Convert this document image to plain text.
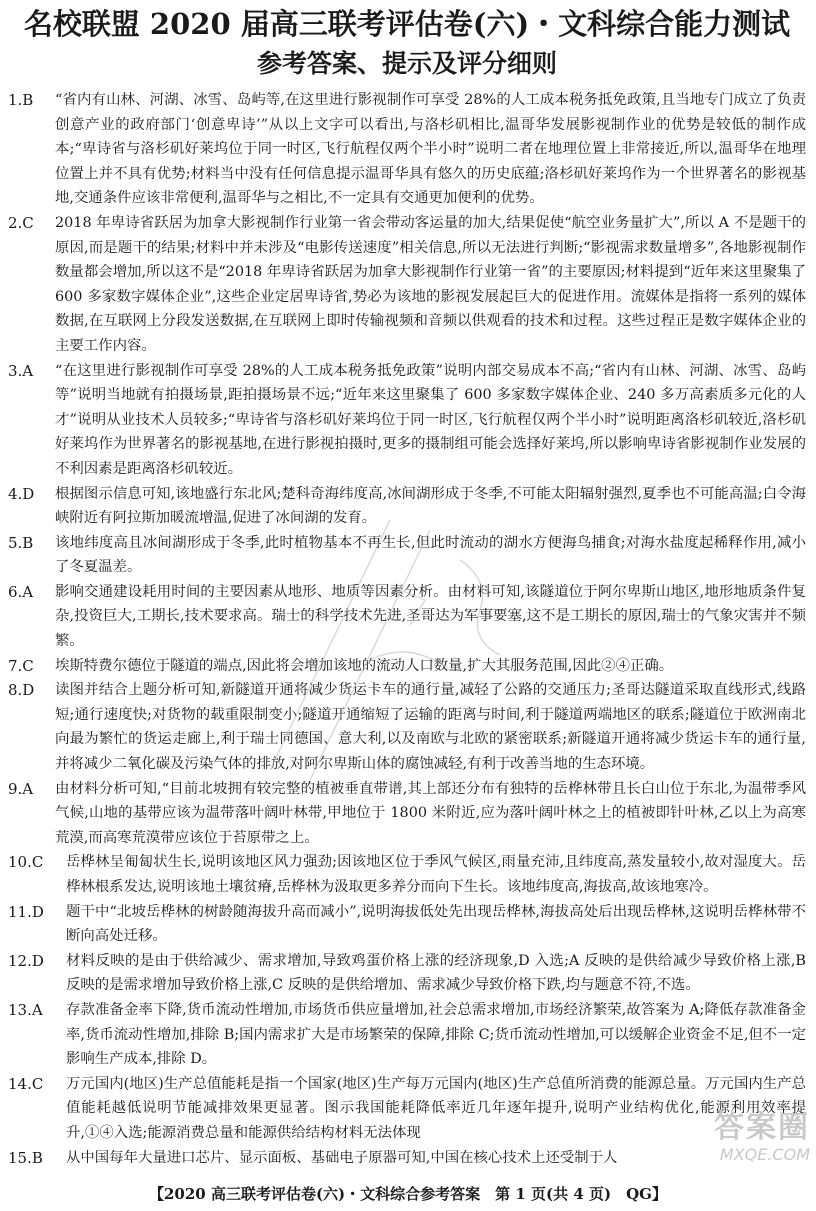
名校联盟 2020 届高三联考评估卷(六)・文科综合能力测试
参考答案、提示及评分细则
1.B	“省内有山林、河湖、冰雪、岛屿等,在这里进行影视制作可享受 28%的人工成本税务抵免政策,且当地专门成立了负责创意产业的政府部门‘创意卑诗’”从以上文字可以看出,与洛杉矶相比,温哥华发展影视制作业的优势是较低的制作成本;“卑诗省与洛杉矶好莱坞位于同一时区,飞行航程仅两个半小时”说明二者在地理位置上非常接近,所以,温哥华在地理位置上并不具有优势;材料当中没有任何信息提示温哥华具有悠久的历史底蕴;洛杉矶好莱坞作为一个世界著名的影视基地,交通条件应该非常便利,温哥华与之相比,不一定具有交通更加便利的优势。
2.C	2018 年卑诗省跃居为加拿大影视制作行业第一省会带动客运量的加大,结果促使“航空业务量扩大”,所以 A 不是题干的原因,而是题干的结果;材料中并未涉及“电影传送速度”相关信息,所以无法进行判断;“影视需求数量增多”,各地影视制作数量都会增加,所以这不是“2018 年卑诗省跃居为加拿大影视制作行业第一省”的主要原因;材料提到“近年来这里聚集了 600 多家数字媒体企业”,这些企业定居卑诗省,势必为该地的影视发展起巨大的促进作用。流媒体是指将一系列的媒体数据,在互联网上分段发送数据,在互联网上即时传输视频和音频以供观看的技术和过程。这些过程正是数字媒体企业的主要工作内容。
3.A	“在这里进行影视制作可享受 28%的人工成本税务抵免政策”说明内部交易成本不高;“省内有山林、河湖、冰雪、岛屿等”说明当地就有拍摄场景,距拍摄场景不远;“近年来这里聚集了 600 多家数字媒体企业、240 多万高素质多元化的人才”说明从业技术人员较多;“卑诗省与洛杉矶好莱坞位于同一时区,飞行航程仅两个半小时”说明距离洛杉矶较近,洛杉矶好莱坞作为世界著名的影视基地,在进行影视拍摄时,更多的摄制组可能会选择好莱坞,所以影响卑诗省影视制作业发展的不利因素是距离洛杉矶较近。
4.D	根据图示信息可知,该地盛行东北风;楚科奇海纬度高,冰间湖形成于冬季,不可能太阳辐射强烈,夏季也不可能高温;白令海峡附近有阿拉斯加暖流增温,促进了冰间湖的发育。
5.B	该地纬度高且冰间湖形成于冬季,此时植物基本不再生长,但此时流动的湖水方便海鸟捕食;对海水盐度起稀释作用,减小了冬夏温差。
6.A	影响交通建设耗用时间的主要因素从地形、地质等因素分析。由材料可知,该隧道位于阿尔卑斯山地区,地形地质条件复杂,投资巨大,工期长,技术要求高。瑞士的科学技术先进,圣哥达为军事要塞,这不是工期长的原因,瑞士的气象灾害并不频繁。
7.C	埃斯特费尔德位于隧道的端点,因此将会增加该地的流动人口数量,扩大其服务范围,因此②④正确。
8.D	读图并结合上题分析可知,新隧道开通将减少货运卡车的通行量,减轻了公路的交通压力;圣哥达隧道采取直线形式,线路短;通行速度快;对货物的载重限制变小;隧道开通缩短了运输的距离与时间,利于隧道两端地区的联系;隧道位于欧洲南北向最为繁忙的货运走廊上,利于瑞士同德国、意大利,以及南欧与北欧的紧密联系;新隧道开通将减少货运卡车的通行量,并将减少二氧化碳及污染气体的排放,对阿尔卑斯山体的腐蚀减轻,有利于改善当地的生态环境。
9.A	由材料分析可知,“目前北坡拥有较完整的植被垂直带谱,其上部还分布有独特的岳桦林带且长白山位于东北,为温带季风气候,山地的基带应该为温带落叶阔叶林带,甲地位于 1800 米附近,应为落叶阔叶林之上的植被即针叶林,乙以上为高寒荒漠,而高寒荒漠带应该位于苔原带之上。
10.C	岳桦林呈匍匐状生长,说明该地区风力强劲;因该地区位于季风气候区,雨量充沛,且纬度高,蒸发量较小,故对湿度大。岳桦林根系发达,说明该地土壤贫瘠,岳桦林为汲取更多养分而向下生长。该地纬度高,海拔高,故该地寒冷。
11.D	题干中“北坡岳桦林的树龄随海拔升高而减小”,说明海拔低处先出现岳桦林,海拔高处后出现岳桦林,这说明岳桦林带不断向高处迁移。
12.D	材料反映的是由于供给减少、需求增加,导致鸡蛋价格上涨的经济现象,D 入选;A 反映的是供给减少导致价格上涨,B 反映的是需求增加导致价格上涨,C 反映的是供给增加、需求减少导致价格下跌,均与题意不符,不选。
13.A	存款准备金率下降,货币流动性增加,市场货币供应量增加,社会总需求增加,市场经济繁荣,故答案为 A;降低存款准备金率,货币流动性增加,排除 B;国内需求扩大是市场繁荣的保障,排除 C;货币流动性增加,可以缓解企业资金不足,但不一定影响生产成本,排除 D。
14.C	万元国内(地区)生产总值能耗是指一个国家(地区)生产每万元国内(地区)生产总值所消费的能源总量。万元国内生产总值能耗越低说明节能减排效果更显著。图示我国能耗降低率近几年逐年提升,说明产业结构优化,能源利用效率提升,①④入选;能源消费总量和能源供给结构材料无法体现
15.B	从中国每年大量进口芯片、显示面板、基础电子原器可知,中国在核心技术上还受制于人
【2020 高三联考评估卷(六)・文科综合参考答案　第 1 页(共 4 页)　QG】
答案圈
MXQE.COM
